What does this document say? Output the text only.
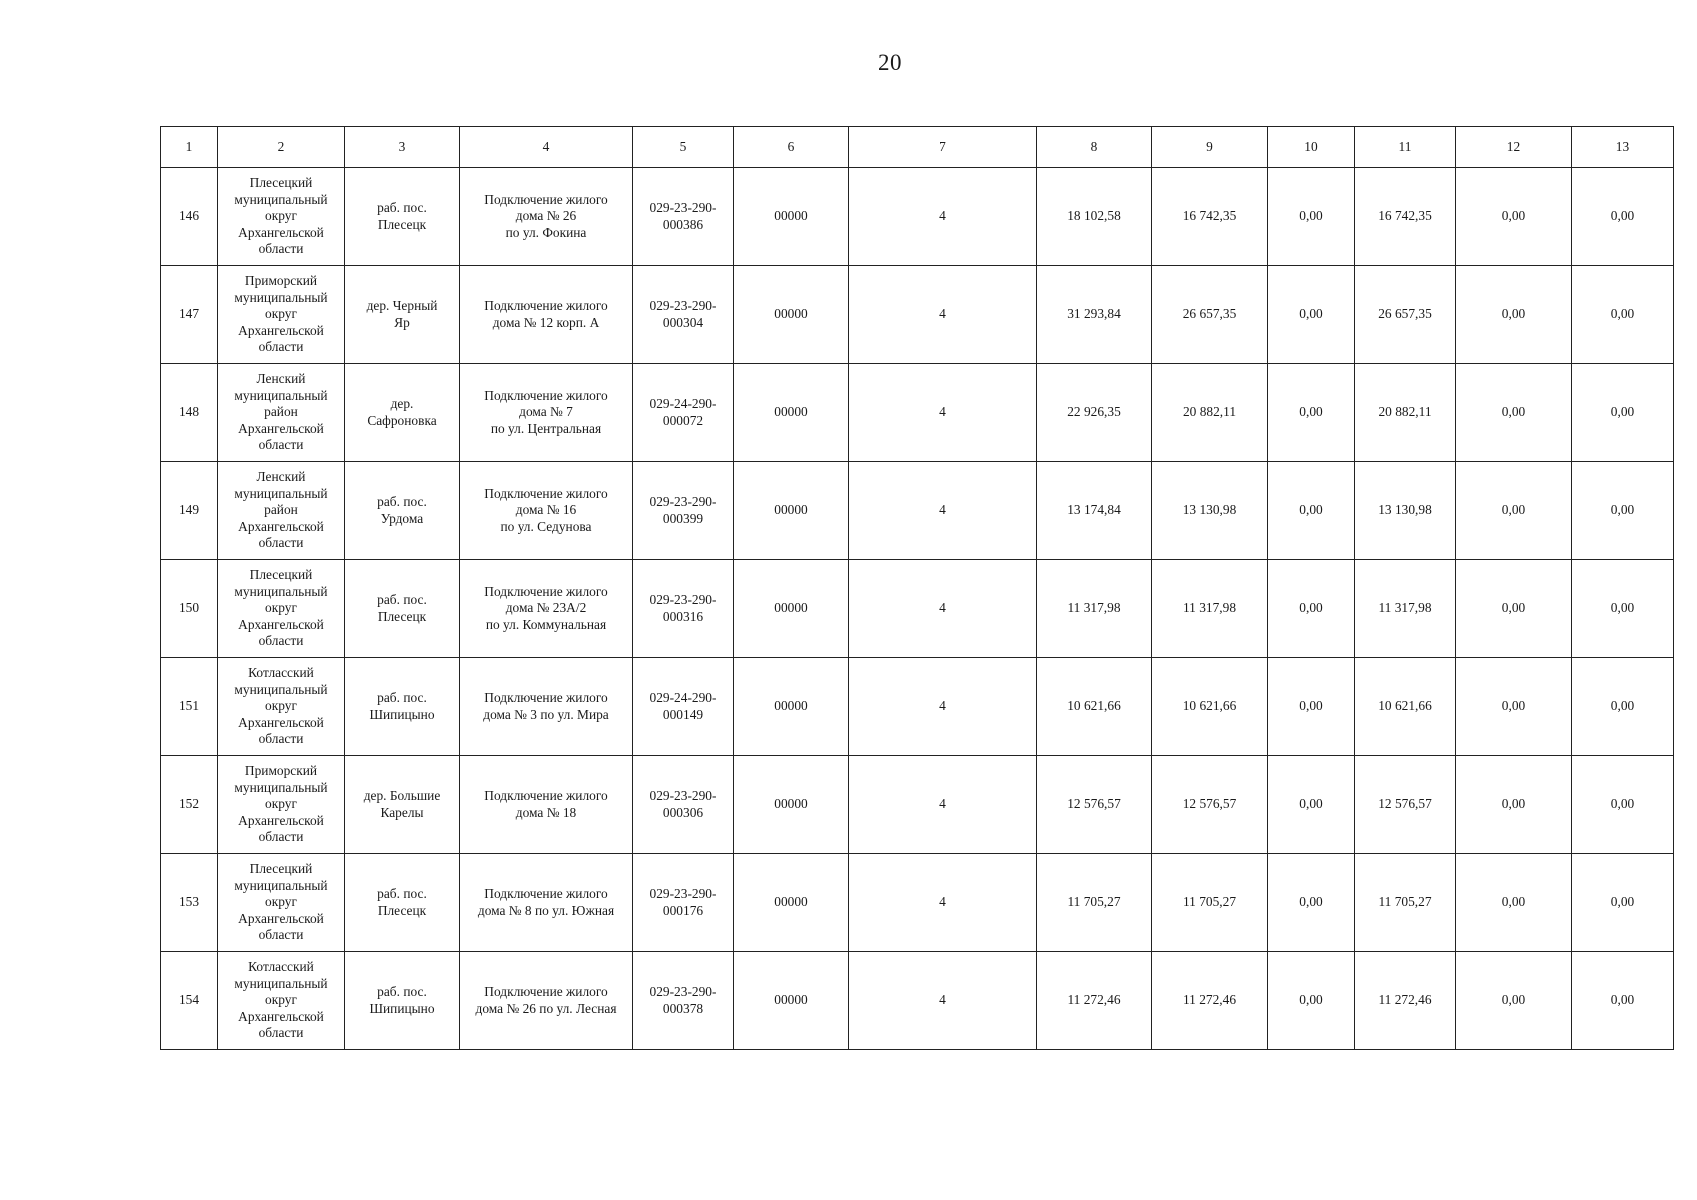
20
1	2	3	4	5	6	7	8	9	10	11	12	13
146	Плесецкий
муниципальный
округ
Архангельской
области	раб. пос.
Плесецк	Подключение жилого
дома № 26
по ул. Фокина	029-23-290-
000386	00000	4	18 102,58	16 742,35	0,00	16 742,35	0,00	0,00
147	Приморский
муниципальный
округ
Архангельской
области	дер. Черный
Яр	Подключение жилого
дома № 12 корп. А	029-23-290-
000304	00000	4	31 293,84	26 657,35	0,00	26 657,35	0,00	0,00
148	Ленский
муниципальный
район
Архангельской
области	дер.
Сафроновка	Подключение жилого
дома № 7
по ул. Центральная	029-24-290-
000072	00000	4	22 926,35	20 882,11	0,00	20 882,11	0,00	0,00
149	Ленский
муниципальный
район
Архангельской
области	раб. пос.
Урдома	Подключение жилого
дома № 16
по ул. Седунова	029-23-290-
000399	00000	4	13 174,84	13 130,98	0,00	13 130,98	0,00	0,00
150	Плесецкий
муниципальный
округ
Архангельской
области	раб. пос.
Плесецк	Подключение жилого
дома № 23А/2
по ул. Коммунальная	029-23-290-
000316	00000	4	11 317,98	11 317,98	0,00	11 317,98	0,00	0,00
151	Котласский
муниципальный
округ
Архангельской
области	раб. пос.
Шипицыно	Подключение жилого
дома № 3 по ул. Мира	029-24-290-
000149	00000	4	10 621,66	10 621,66	0,00	10 621,66	0,00	0,00
152	Приморский
муниципальный
округ
Архангельской
области	дер. Большие
Карелы	Подключение жилого
дома № 18	029-23-290-
000306	00000	4	12 576,57	12 576,57	0,00	12 576,57	0,00	0,00
153	Плесецкий
муниципальный
округ
Архангельской
области	раб. пос.
Плесецк	Подключение жилого
дома № 8 по ул. Южная	029-23-290-
000176	00000	4	11 705,27	11 705,27	0,00	11 705,27	0,00	0,00
154	Котласский
муниципальный
округ
Архангельской
области	раб. пос.
Шипицыно	Подключение жилого
дома № 26 по ул. Лесная	029-23-290-
000378	00000	4	11 272,46	11 272,46	0,00	11 272,46	0,00	0,00
